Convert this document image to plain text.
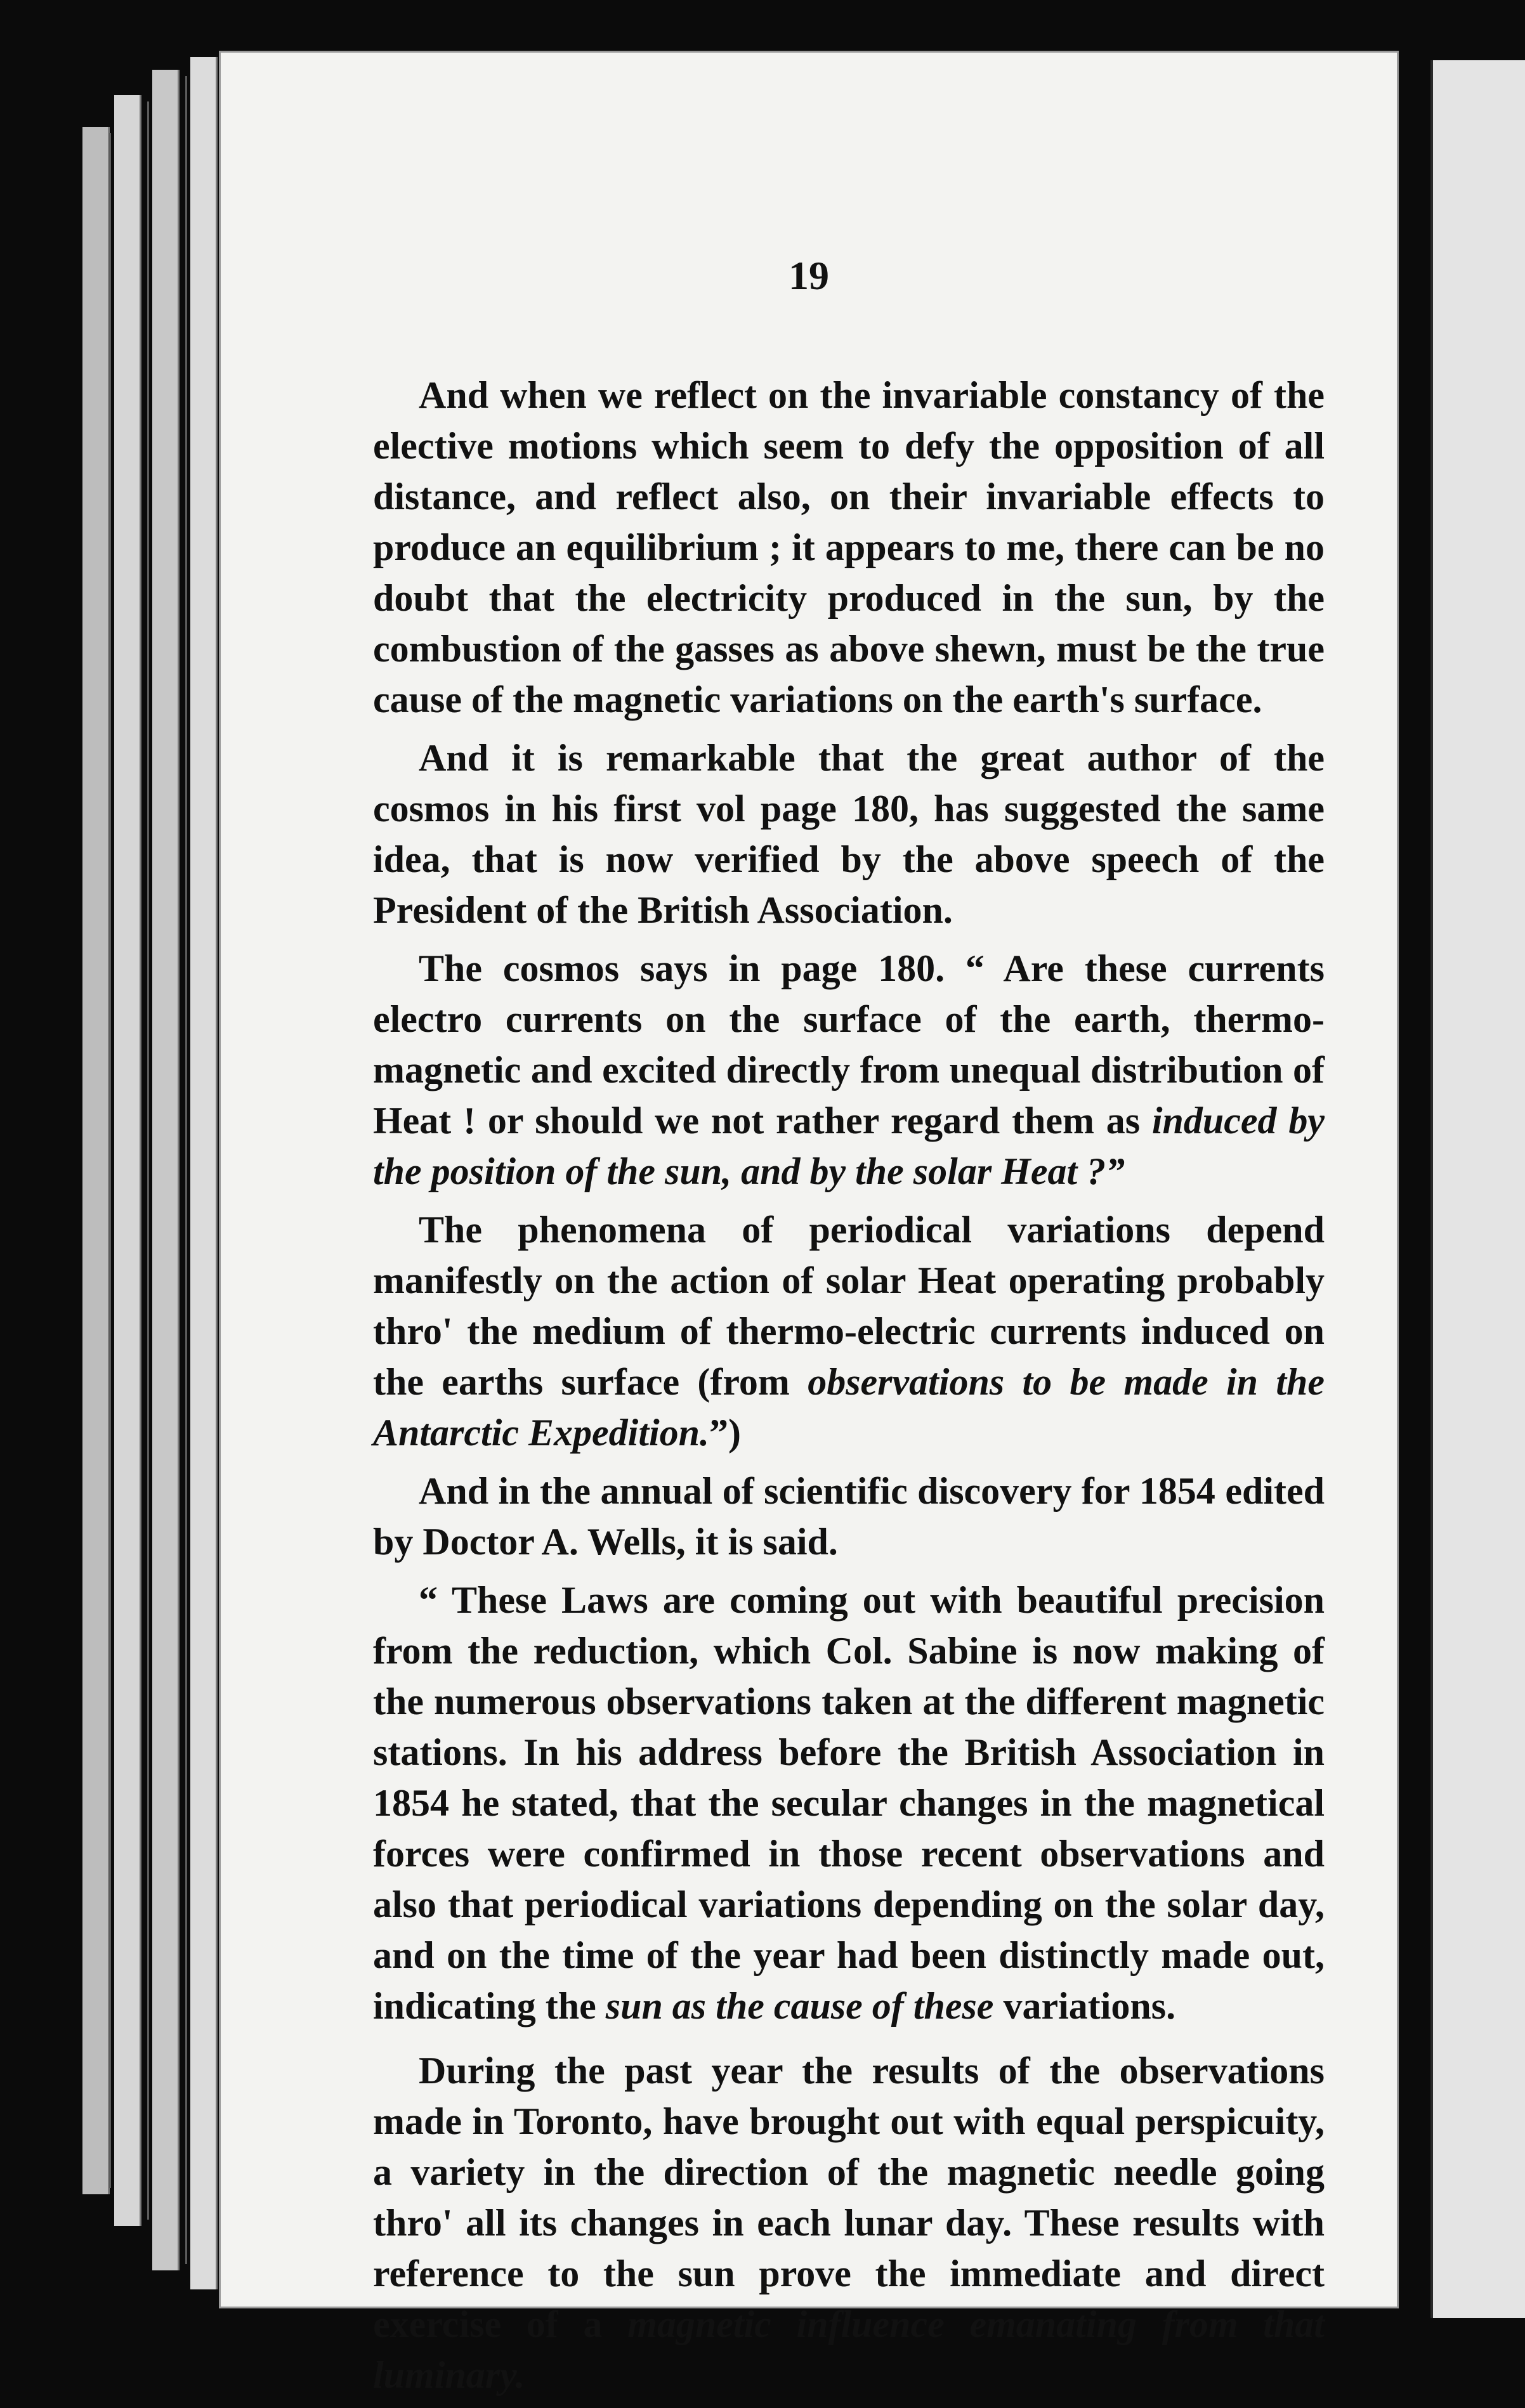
19

And when we reflect on the invariable constancy of the elective motions which seem to defy the opposition of all distance, and reflect also, on their invariable effects to produce an equilibrium ; it appears to me, there can be no doubt that the electricity produced in the sun, by the combustion of the gasses as above shewn, must be the true cause of the magnetic variations on the earth's surface.

And it is remarkable that the great author of the cosmos in his first vol page 180, has suggested the same idea, that is now verified by the above speech of the President of the British Association.

The cosmos says in page 180. “ Are these currents electro currents on the surface of the earth, thermo-magnetic and excited directly from unequal distribution of Heat ! or should we not rather regard them as induced by the position of the sun, and by the solar Heat ?”

The phenomena of periodical variations depend manifestly on the action of solar Heat operating probably thro' the medium of thermo-electric currents induced on the earths surface (from observations to be made in the Antarctic Expedition.”)

And in the annual of scientific discovery for 1854 edited by Doctor A. Wells, it is said.

“ These Laws are coming out with beautiful precision from the reduction, which Col. Sabine is now making of the numerous observations taken at the different magnetic stations. In his address before the British Association in 1854 he stated, that the secular changes in the magnetical forces were confirmed in those recent observations and also that periodical variations depending on the solar day, and on the time of the year had been distinctly made out, indicating the sun as the cause of these variations.

During the past year the results of the observations made in Toronto, have brought out with equal perspicuity, a variety in the direction of the magnetic needle going thro' all its changes in each lunar day. These results with reference to the sun prove the immediate and direct exercise of a magnetic influence emanating from that luminary.
